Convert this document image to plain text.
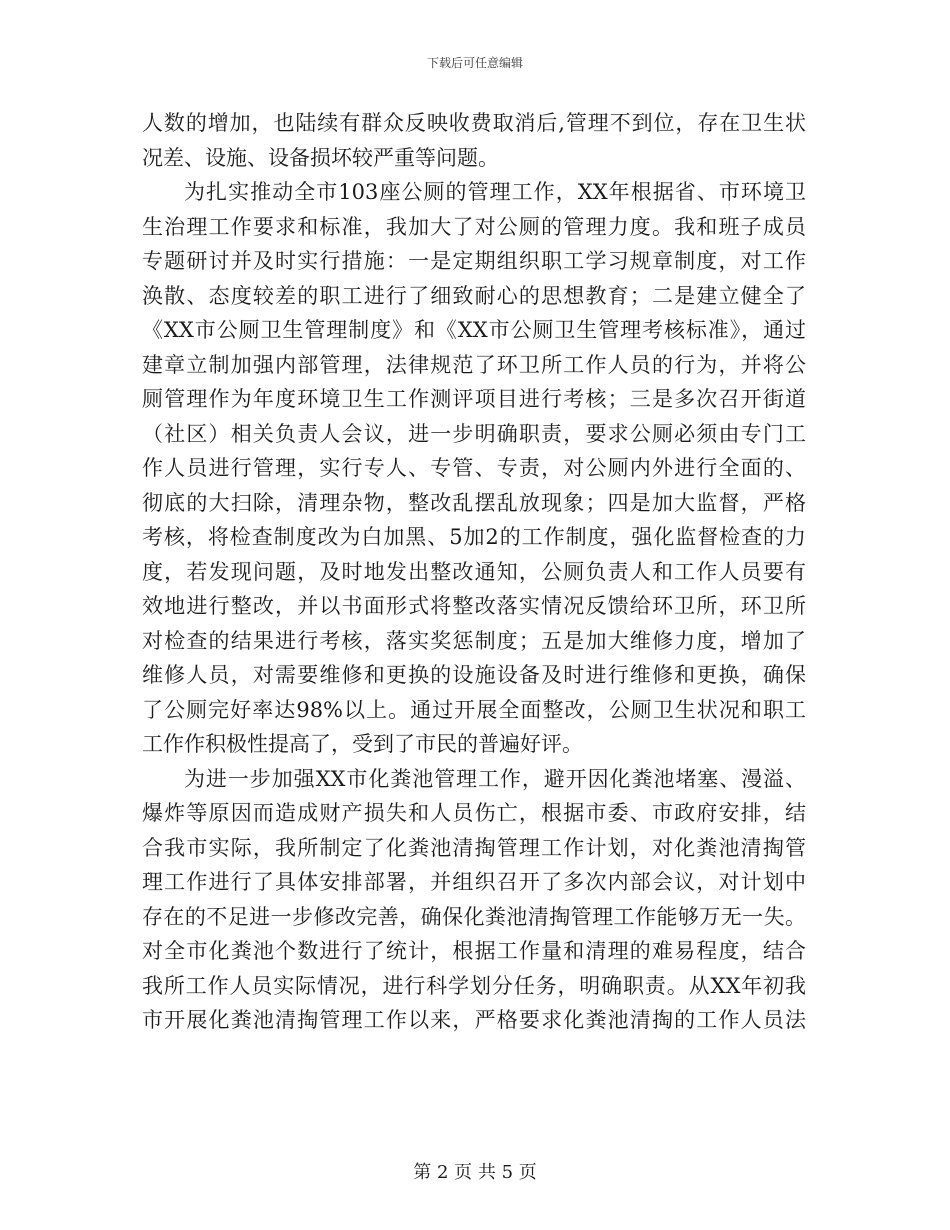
下载后可任意编辑
人数的增加，也陆续有群众反映收费取消后,管理不到位，存在卫生状
况差、设施、设备损坏较严重等问题。
为扎实推动全市103座公厕的管理工作，XX年根据省、市环境卫
生治理工作要求和标准，我加大了对公厕的管理力度。我和班子成员
专题研讨并及时实行措施：一是定期组织职工学习规章制度，对工作
涣散、态度较差的职工进行了细致耐心的思想教育；二是建立健全了
《XX市公厕卫生管理制度》和《XX市公厕卫生管理考核标准》，通过
建章立制加强内部管理，法律规范了环卫所工作人员的行为，并将公
厕管理作为年度环境卫生工作测评项目进行考核；三是多次召开街道
（社区）相关负责人会议，进一步明确职责，要求公厕必须由专门工
作人员进行管理，实行专人、专管、专责，对公厕内外进行全面的、
彻底的大扫除，清理杂物，整改乱摆乱放现象；四是加大监督，严格
考核，将检查制度改为白加黑、5加2的工作制度，强化监督检查的力
度，若发现问题，及时地发出整改通知，公厕负责人和工作人员要有
效地进行整改，并以书面形式将整改落实情况反馈给环卫所，环卫所
对检查的结果进行考核，落实奖惩制度；五是加大维修力度，增加了
维修人员，对需要维修和更换的设施设备及时进行维修和更换，确保
了公厕完好率达98%以上。通过开展全面整改，公厕卫生状况和职工
工作作积极性提高了，受到了市民的普遍好评。
为进一步加强XX市化粪池管理工作，避开因化粪池堵塞、漫溢、
爆炸等原因而造成财产损失和人员伤亡，根据市委、市政府安排，结
合我市实际，我所制定了化粪池清掏管理工作计划，对化粪池清掏管
理工作进行了具体安排部署，并组织召开了多次内部会议，对计划中
存在的不足进一步修改完善，确保化粪池清掏管理工作能够万无一失。
对全市化粪池个数进行了统计，根据工作量和清理的难易程度，结合
我所工作人员实际情况，进行科学划分任务，明确职责。从XX年初我
市开展化粪池清掏管理工作以来，严格要求化粪池清掏的工作人员法
第 2 页 共 5 页
